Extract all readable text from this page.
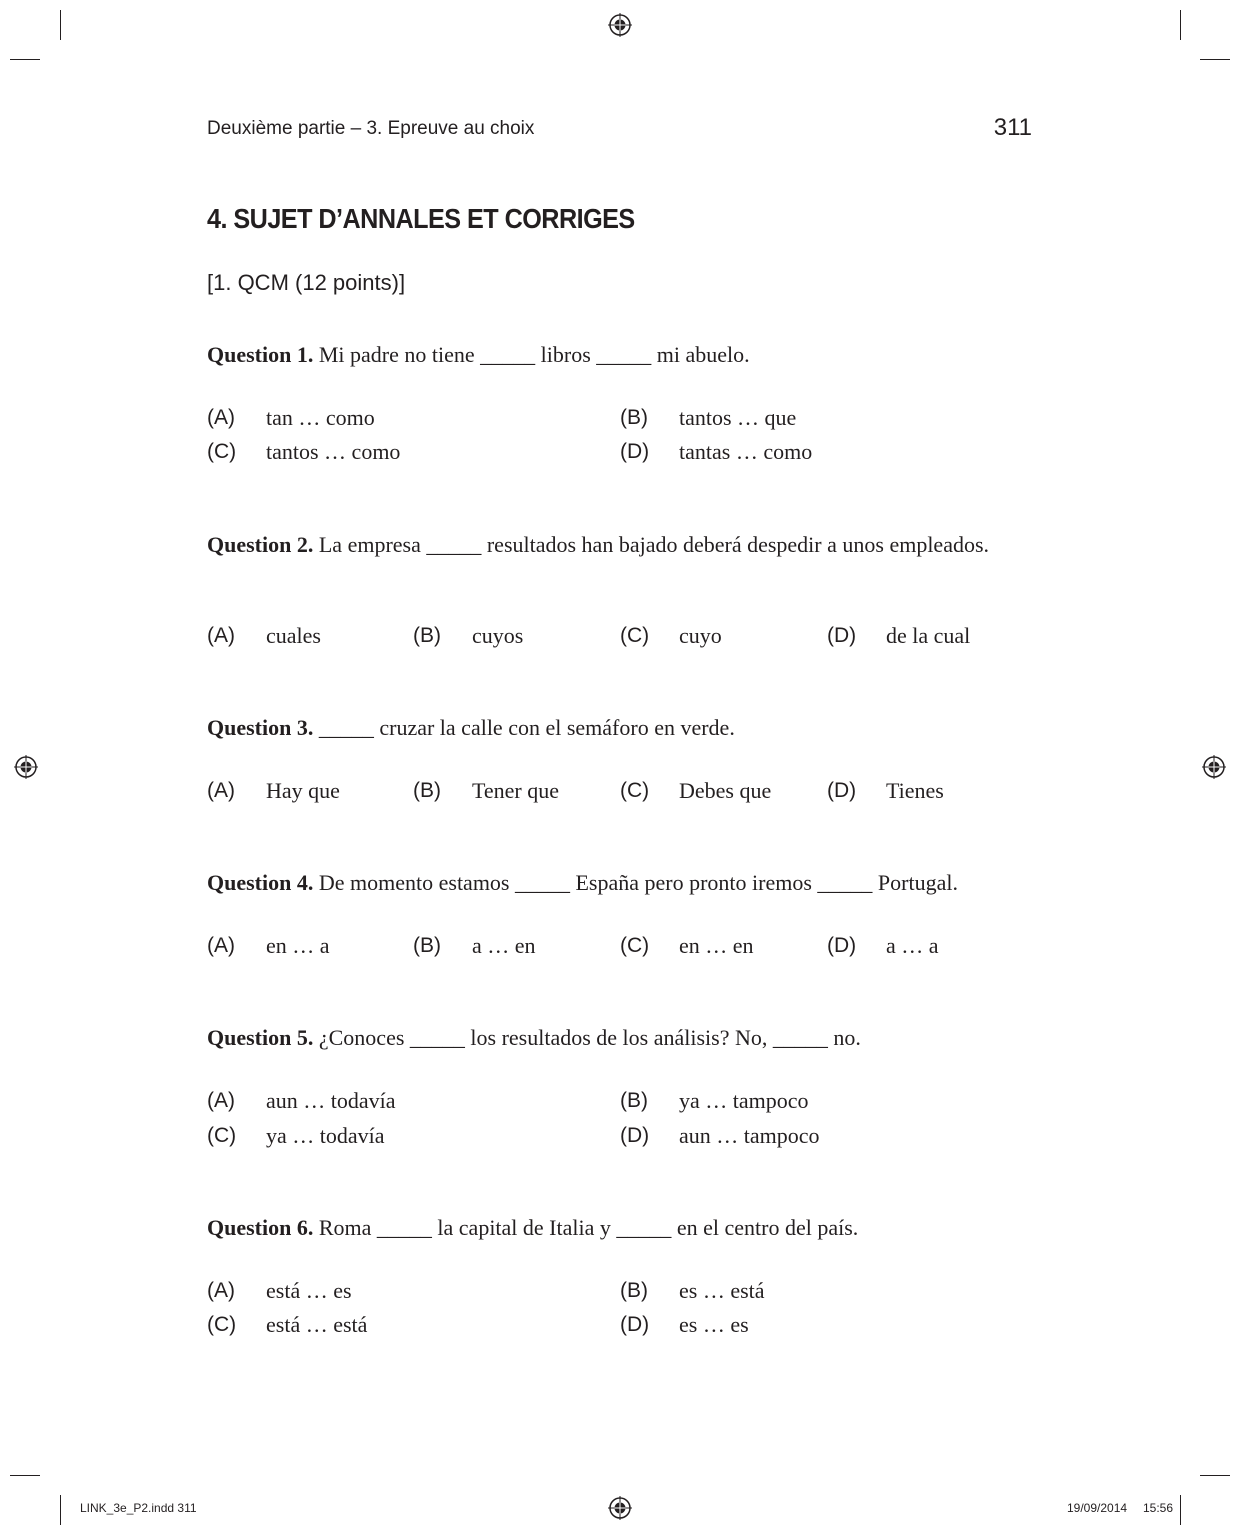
Deuxième partie – 3. Epreuve au choix	311
4. SUJET D’ANNALES ET CORRIGES
[1. QCM (12 points)]
Question 1. Mi padre no tiene _____ libros _____ mi abuelo.
(A) tan … como	(B) tantos … que
(C) tantos … como	(D) tantas … como
Question 2. La empresa _____ resultados han bajado deberá despedir a unos empleados.
(A) cuales	(B) cuyos	(C) cuyo	(D) de la cual
Question 3. _____ cruzar la calle con el semáforo en verde.
(A) Hay que	(B) Tener que	(C) Debes que	(D) Tienes
Question 4. De momento estamos _____ España pero pronto iremos _____ Portugal.
(A) en … a	(B) a … en	(C) en … en	(D) a … a
Question 5. ¿Conoces _____ los resultados de los análisis? No, _____ no.
(A) aun … todavía	(B) ya … tampoco
(C) ya … todavía	(D) aun … tampoco
Question 6. Roma _____ la capital de Italia y _____ en el centro del país.
(A) está … es	(B) es … está
(C) está … está	(D) es … es
LINK_3e_P2.indd 311	19/09/2014 15:56
